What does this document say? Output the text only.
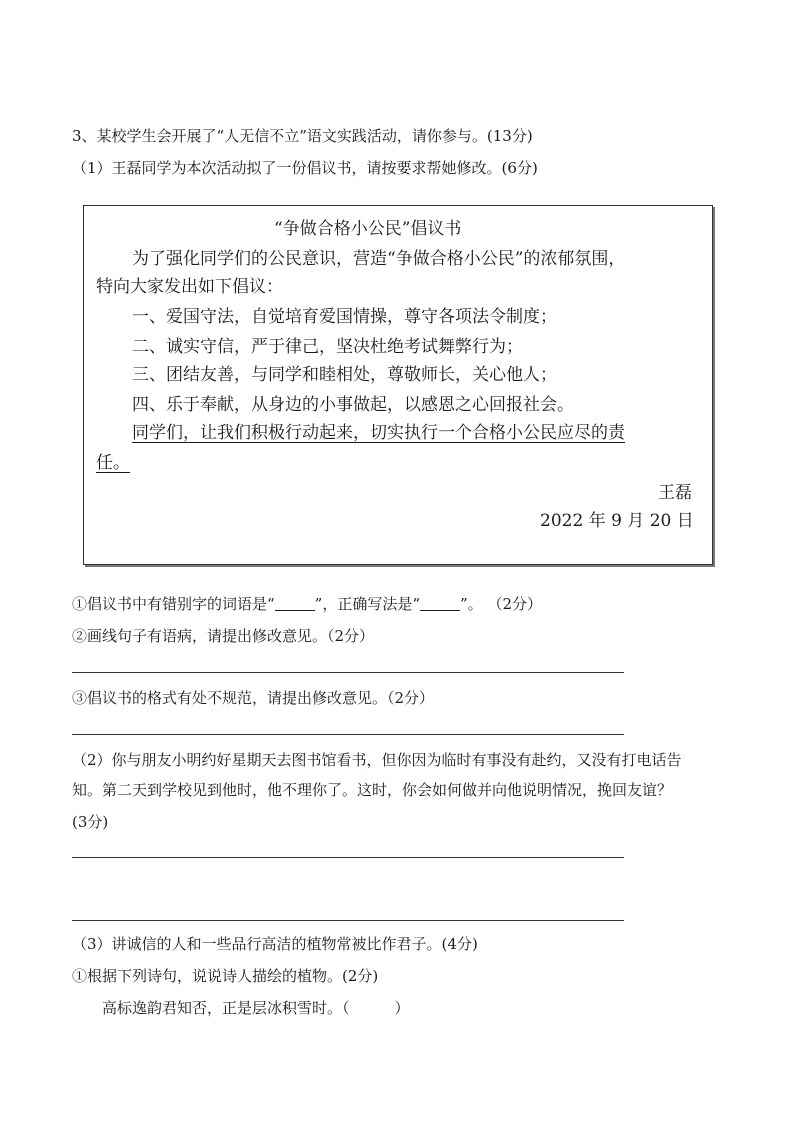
3、某校学生会开展了“人无信不立”语文实践活动，请你参与。(13分)
（1）王磊同学为本次活动拟了一份倡议书，请按要求帮她修改。(6分)
“争做合格小公民”倡议书
为了强化同学们的公民意识，营造“争做合格小公民”的浓郁氛围，
特向大家发出如下倡议：
一、爱国守法，自觉培育爱国情操，尊守各项法令制度；
二、诚实守信，严于律己，坚决杜绝考试舞弊行为；
三、团结友善，与同学和睦相处，尊敬师长，关心他人；
四、乐于奉献，从身边的小事做起，以感恩之心回报社会。
同学们，让我们积极行动起来，切实执行一个合格小公民应尽的责
任。
王磊
2022 年 9 月 20 日
①倡议书中有错别字的词语是“	”，正确写法是“	”。 （2分）
②画线句子有语病，请提出修改意见。（2分）
③倡议书的格式有处不规范，请提出修改意见。（2分）
（2）你与朋友小明约好星期天去图书馆看书，但你因为临时有事没有赴约，又没有打电话告
知。第二天到学校见到他时，他不理你了。这时，你会如何做并向他说明情况，挽回友谊？
(3分)
（3）讲诚信的人和一些品行高洁的植物常被比作君子。(4分)
①根据下列诗句，说说诗人描绘的植物。(2分)
高标逸韵君知否，正是层冰积雪时。（　　　）
